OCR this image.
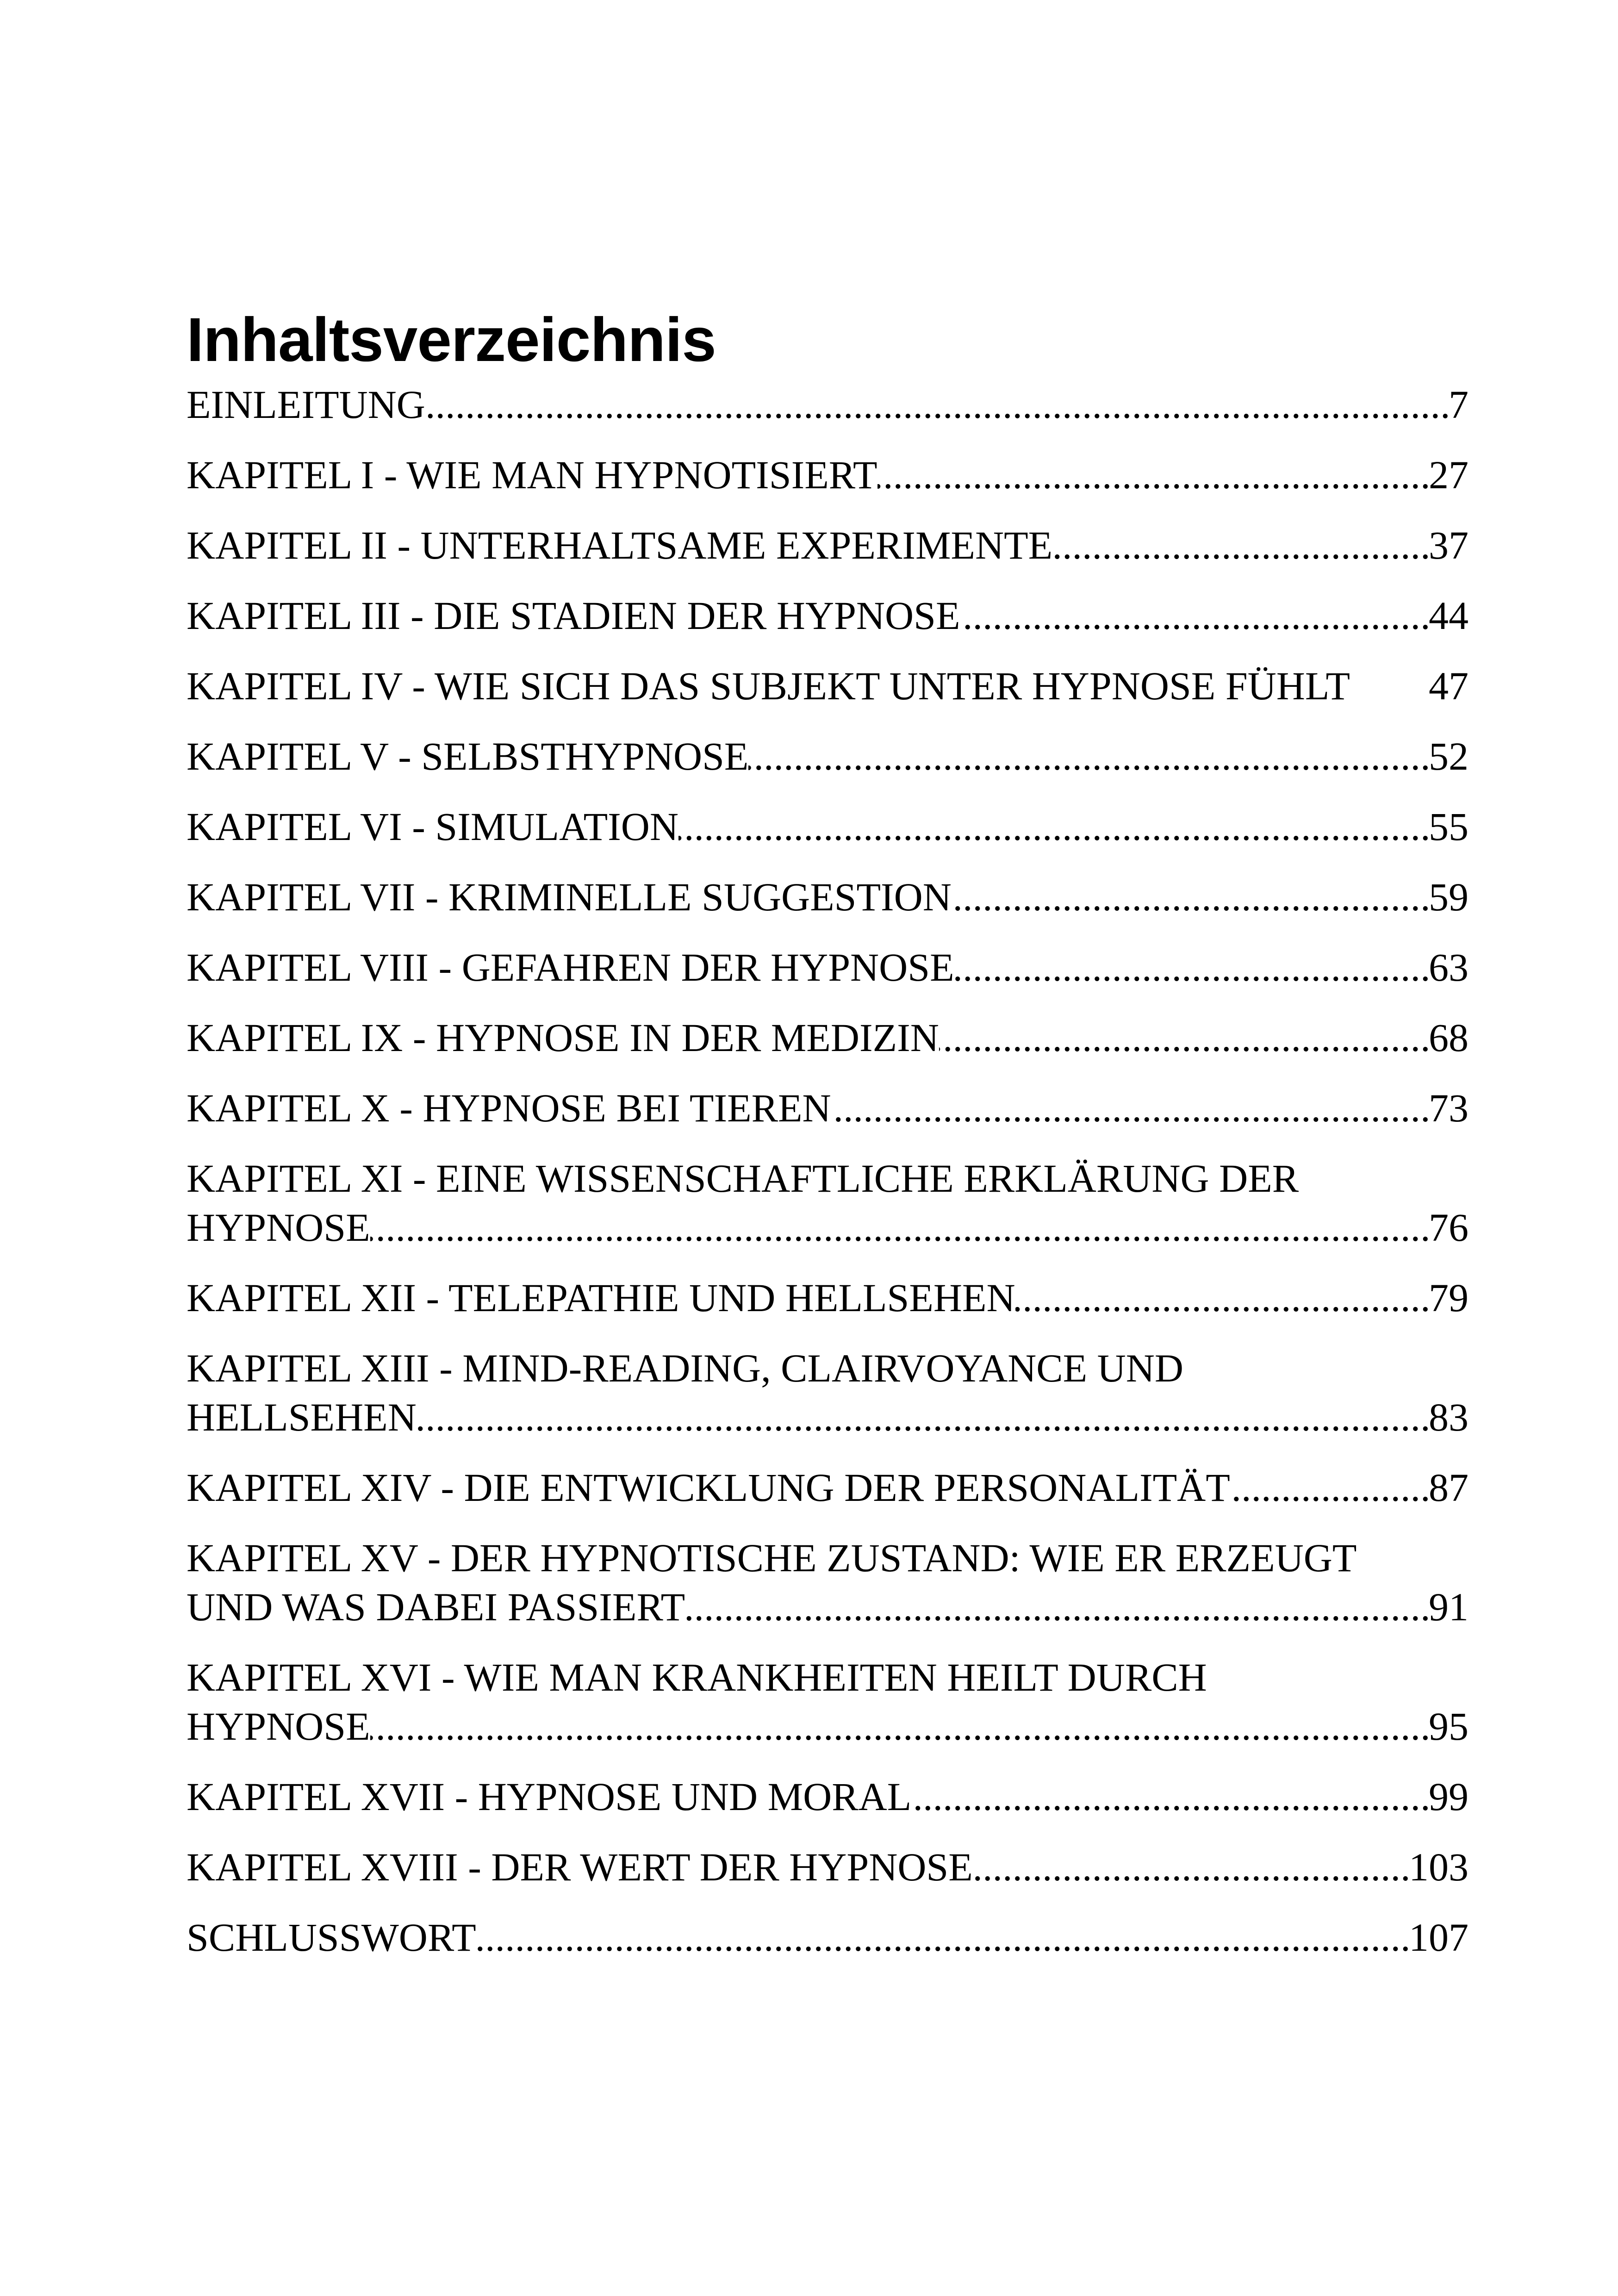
Inhaltsverzeichnis
.....
EINLEITUNG	7
.....
KAPITEL I - WIE MAN HYPNOTISIERT	27
.....
KAPITEL II - UNTERHALTSAME EXPERIMENTE	37
.....
KAPITEL III - DIE STADIEN DER HYPNOSE	44
KAPITEL IV - WIE SICH DAS SUBJEKT UNTER HYPNOSE FÜHLT	47
.....
KAPITEL V - SELBSTHYPNOSE	52
.....
KAPITEL VI - SIMULATION	55
.....
KAPITEL VII - KRIMINELLE SUGGESTION	59
.....
KAPITEL VIII - GEFAHREN DER HYPNOSE	63
.....
KAPITEL IX - HYPNOSE IN DER MEDIZIN	68
.....
KAPITEL X - HYPNOSE BEI TIEREN	73
.....
KAPITEL XI - EINE WISSENSCHAFTLICHE ERKLÄRUNG DER HYPNOSE	76
.....
KAPITEL XII - TELEPATHIE UND HELLSEHEN	79
.....
KAPITEL XIII - MIND-READING, CLAIRVOYANCE UND HELLSEHEN	83
.....
KAPITEL XIV - DIE ENTWICKLUNG DER PERSONALITÄT	87
.....
KAPITEL XV - DER HYPNOTISCHE ZUSTAND: WIE ER ERZEUGT UND WAS DABEI PASSIERT	91
.....
KAPITEL XVI - WIE MAN KRANKHEITEN HEILT DURCH HYPNOSE	95
.....
KAPITEL XVII - HYPNOSE UND MORAL	99
.....
KAPITEL XVIII - DER WERT DER HYPNOSE	103
.....
SCHLUSSWORT	107
